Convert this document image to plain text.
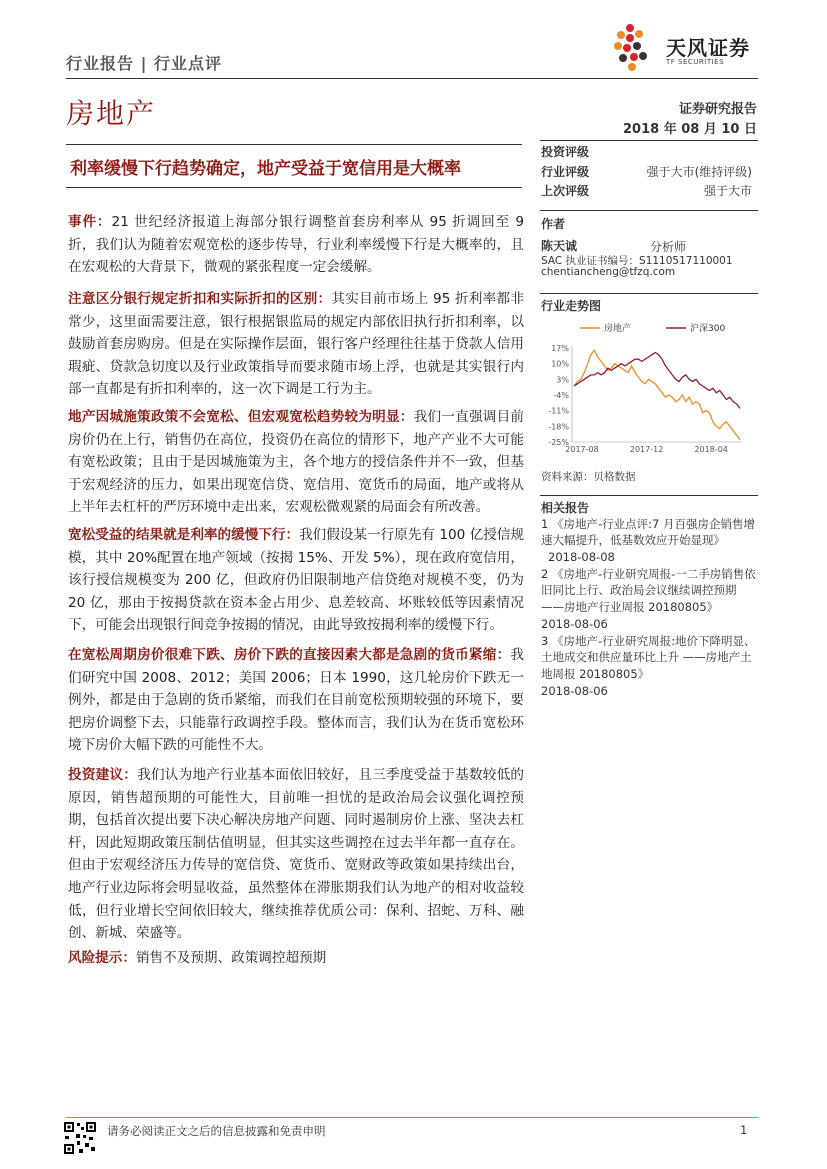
行业报告 | 行业点评
天风证券
TF SECURITIES
房地产	证券研究报告
2018 年 08 月 10 日
利率缓慢下行趋势确定，地产受益于宽信用是大概率
投资评级
行业评级	强于大市(维持评级)
上次评级	强于大市
作者
陈天诚	分析师
SAC 执业证书编号：S1110517110001
chentiancheng@tfzq.com
行业走势图
房地产	沪深300
17%
10%
3%
-4%
-11%
-18%
-25%
2017-08	2017-12	2018-04
资料来源：贝格数据
相关报告

1 《房地产-行业点评:7 月百强房企销售增速大幅提升，低基数效应开始显现》

2018-08-08

2 《房地产-行业研究周报-一二手房销售依旧同比上行、政治局会议继续调控预期 ——房地产行业周报 20180805》

2018-08-06

3 《房地产-行业研究周报:地价下降明显、土地成交和供应量环比上升 ——房地产土地周报 20180805》

2018-08-06

事件：21 世纪经济报道上海部分银行调整首套房利率从 95 折调回至 9 折，我们认为随着宏观宽松的逐步传导，行业利率缓慢下行是大概率的，且在宏观松的大背景下，微观的紧张程度一定会缓解。

注意区分银行规定折扣和实际折扣的区别：其实目前市场上 95 折利率都非常少，这里面需要注意，银行根据银监局的规定内部依旧执行折扣利率，以鼓励首套房购房。但是在实际操作层面，银行客户经理往往基于贷款人信用瑕疵、贷款急切度以及行业政策指导而要求随市场上浮，也就是其实银行内部一直都是有折扣利率的，这一次下调是工行为主。

地产因城施策政策不会宽松、但宏观宽松趋势较为明显：我们一直强调目前房价仍在上行，销售仍在高位，投资仍在高位的情形下，地产产业不大可能有宽松政策；且由于是因城施策为主，各个地方的授信条件并不一致，但基于宏观经济的压力，如果出现宽信贷、宽信用、宽货币的局面，地产或将从上半年去杠杆的严厉环境中走出来，宏观松微观紧的局面会有所改善。

宽松受益的结果就是利率的缓慢下行：我们假设某一行原先有 100 亿授信规模，其中 20%配置在地产领域（按揭 15%、开发 5%），现在政府宽信用，该行授信规模变为 200 亿，但政府仍旧限制地产信贷绝对规模不变，仍为 20 亿，那由于按揭贷款在资本金占用少、息差较高、坏账较低等因素情况下，可能会出现银行间竞争按揭的情况，由此导致按揭利率的缓慢下行。

在宽松周期房价很难下跌、房价下跌的直接因素大都是急剧的货币紧缩：我们研究中国 2008、2012；美国 2006；日本 1990，这几轮房价下跌无一例外，都是由于急剧的货币紧缩，而我们在目前宽松预期较强的环境下，要把房价调整下去，只能靠行政调控手段。整体而言，我们认为在货币宽松环境下房价大幅下跌的可能性不大。

投资建议：我们认为地产行业基本面依旧较好，且三季度受益于基数较低的原因，销售超预期的可能性大，目前唯一担忧的是政治局会议强化调控预期，包括首次提出要下决心解决房地产问题、同时遏制房价上涨、坚决去杠杆，因此短期政策压制估值明显，但其实这些调控在过去半年都一直存在。但由于宏观经济压力传导的宽信贷、宽货币、宽财政等政策如果持续出台，地产行业边际将会明显收益，虽然整体在滞胀期我们认为地产的相对收益较低，但行业增长空间依旧较大，继续推荐优质公司：保利、招蛇、万科、融创、新城、荣盛等。

风险提示：销售不及预期、政策调控超预期

请务必阅读正文之后的信息披露和免责申明	1
